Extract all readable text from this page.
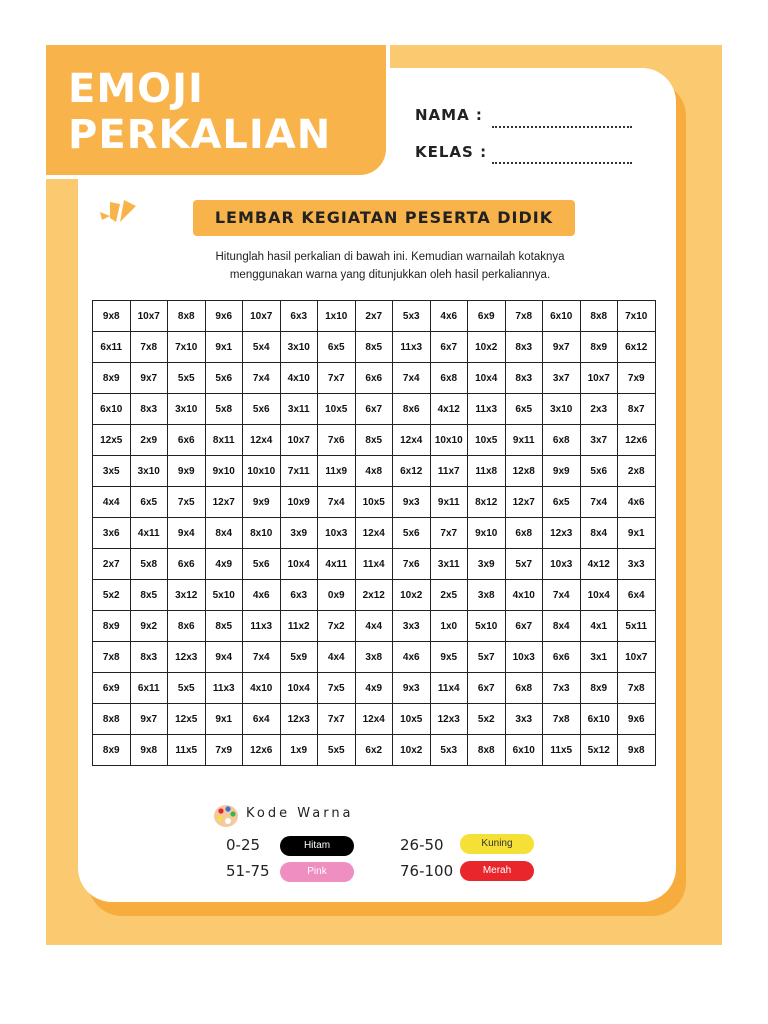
EMOJI
PERKALIAN	NAMA :
KELAS :
LEMBAR KEGIATAN PESERTA DIDIK
Hitunglah hasil perkalian di bawah ini. Kemudian warnailah kotaknya
menggunakan warna yang ditunjukkan oleh hasil perkaliannya.
9x8	10x7	8x8	9x6	10x7	6x3	1x10	2x7	5x3	4x6	6x9	7x8	6x10	8x8	7x10
6x11	7x8	7x10	9x1	5x4	3x10	6x5	8x5	11x3	6x7	10x2	8x3	9x7	8x9	6x12
8x9	9x7	5x5	5x6	7x4	4x10	7x7	6x6	7x4	6x8	10x4	8x3	3x7	10x7	7x9
6x10	8x3	3x10	5x8	5x6	3x11	10x5	6x7	8x6	4x12	11x3	6x5	3x10	2x3	8x7
12x5	2x9	6x6	8x11	12x4	10x7	7x6	8x5	12x4	10x10	10x5	9x11	6x8	3x7	12x6
3x5	3x10	9x9	9x10	10x10	7x11	11x9	4x8	6x12	11x7	11x8	12x8	9x9	5x6	2x8
4x4	6x5	7x5	12x7	9x9	10x9	7x4	10x5	9x3	9x11	8x12	12x7	6x5	7x4	4x6
3x6	4x11	9x4	8x4	8x10	3x9	10x3	12x4	5x6	7x7	9x10	6x8	12x3	8x4	9x1
2x7	5x8	6x6	4x9	5x6	10x4	4x11	11x4	7x6	3x11	3x9	5x7	10x3	4x12	3x3
5x2	8x5	3x12	5x10	4x6	6x3	0x9	2x12	10x2	2x5	3x8	4x10	7x4	10x4	6x4
8x9	9x2	8x6	8x5	11x3	11x2	7x2	4x4	3x3	1x0	5x10	6x7	8x4	4x1	5x11
7x8	8x3	12x3	9x4	7x4	5x9	4x4	3x8	4x6	9x5	5x7	10x3	6x6	3x1	10x7
6x9	6x11	5x5	11x3	4x10	10x4	7x5	4x9	9x3	11x4	6x7	6x8	7x3	8x9	7x8
8x8	9x7	12x5	9x1	6x4	12x3	7x7	12x4	10x5	12x3	5x2	3x3	7x8	6x10	9x6
8x9	9x8	11x5	7x9	12x6	1x9	5x5	6x2	10x2	5x3	8x8	6x10	11x5	5x12	9x8
Kode Warna
0-25	Hitam	26-50	Kuning
51-75	Pink	76-100	Merah
